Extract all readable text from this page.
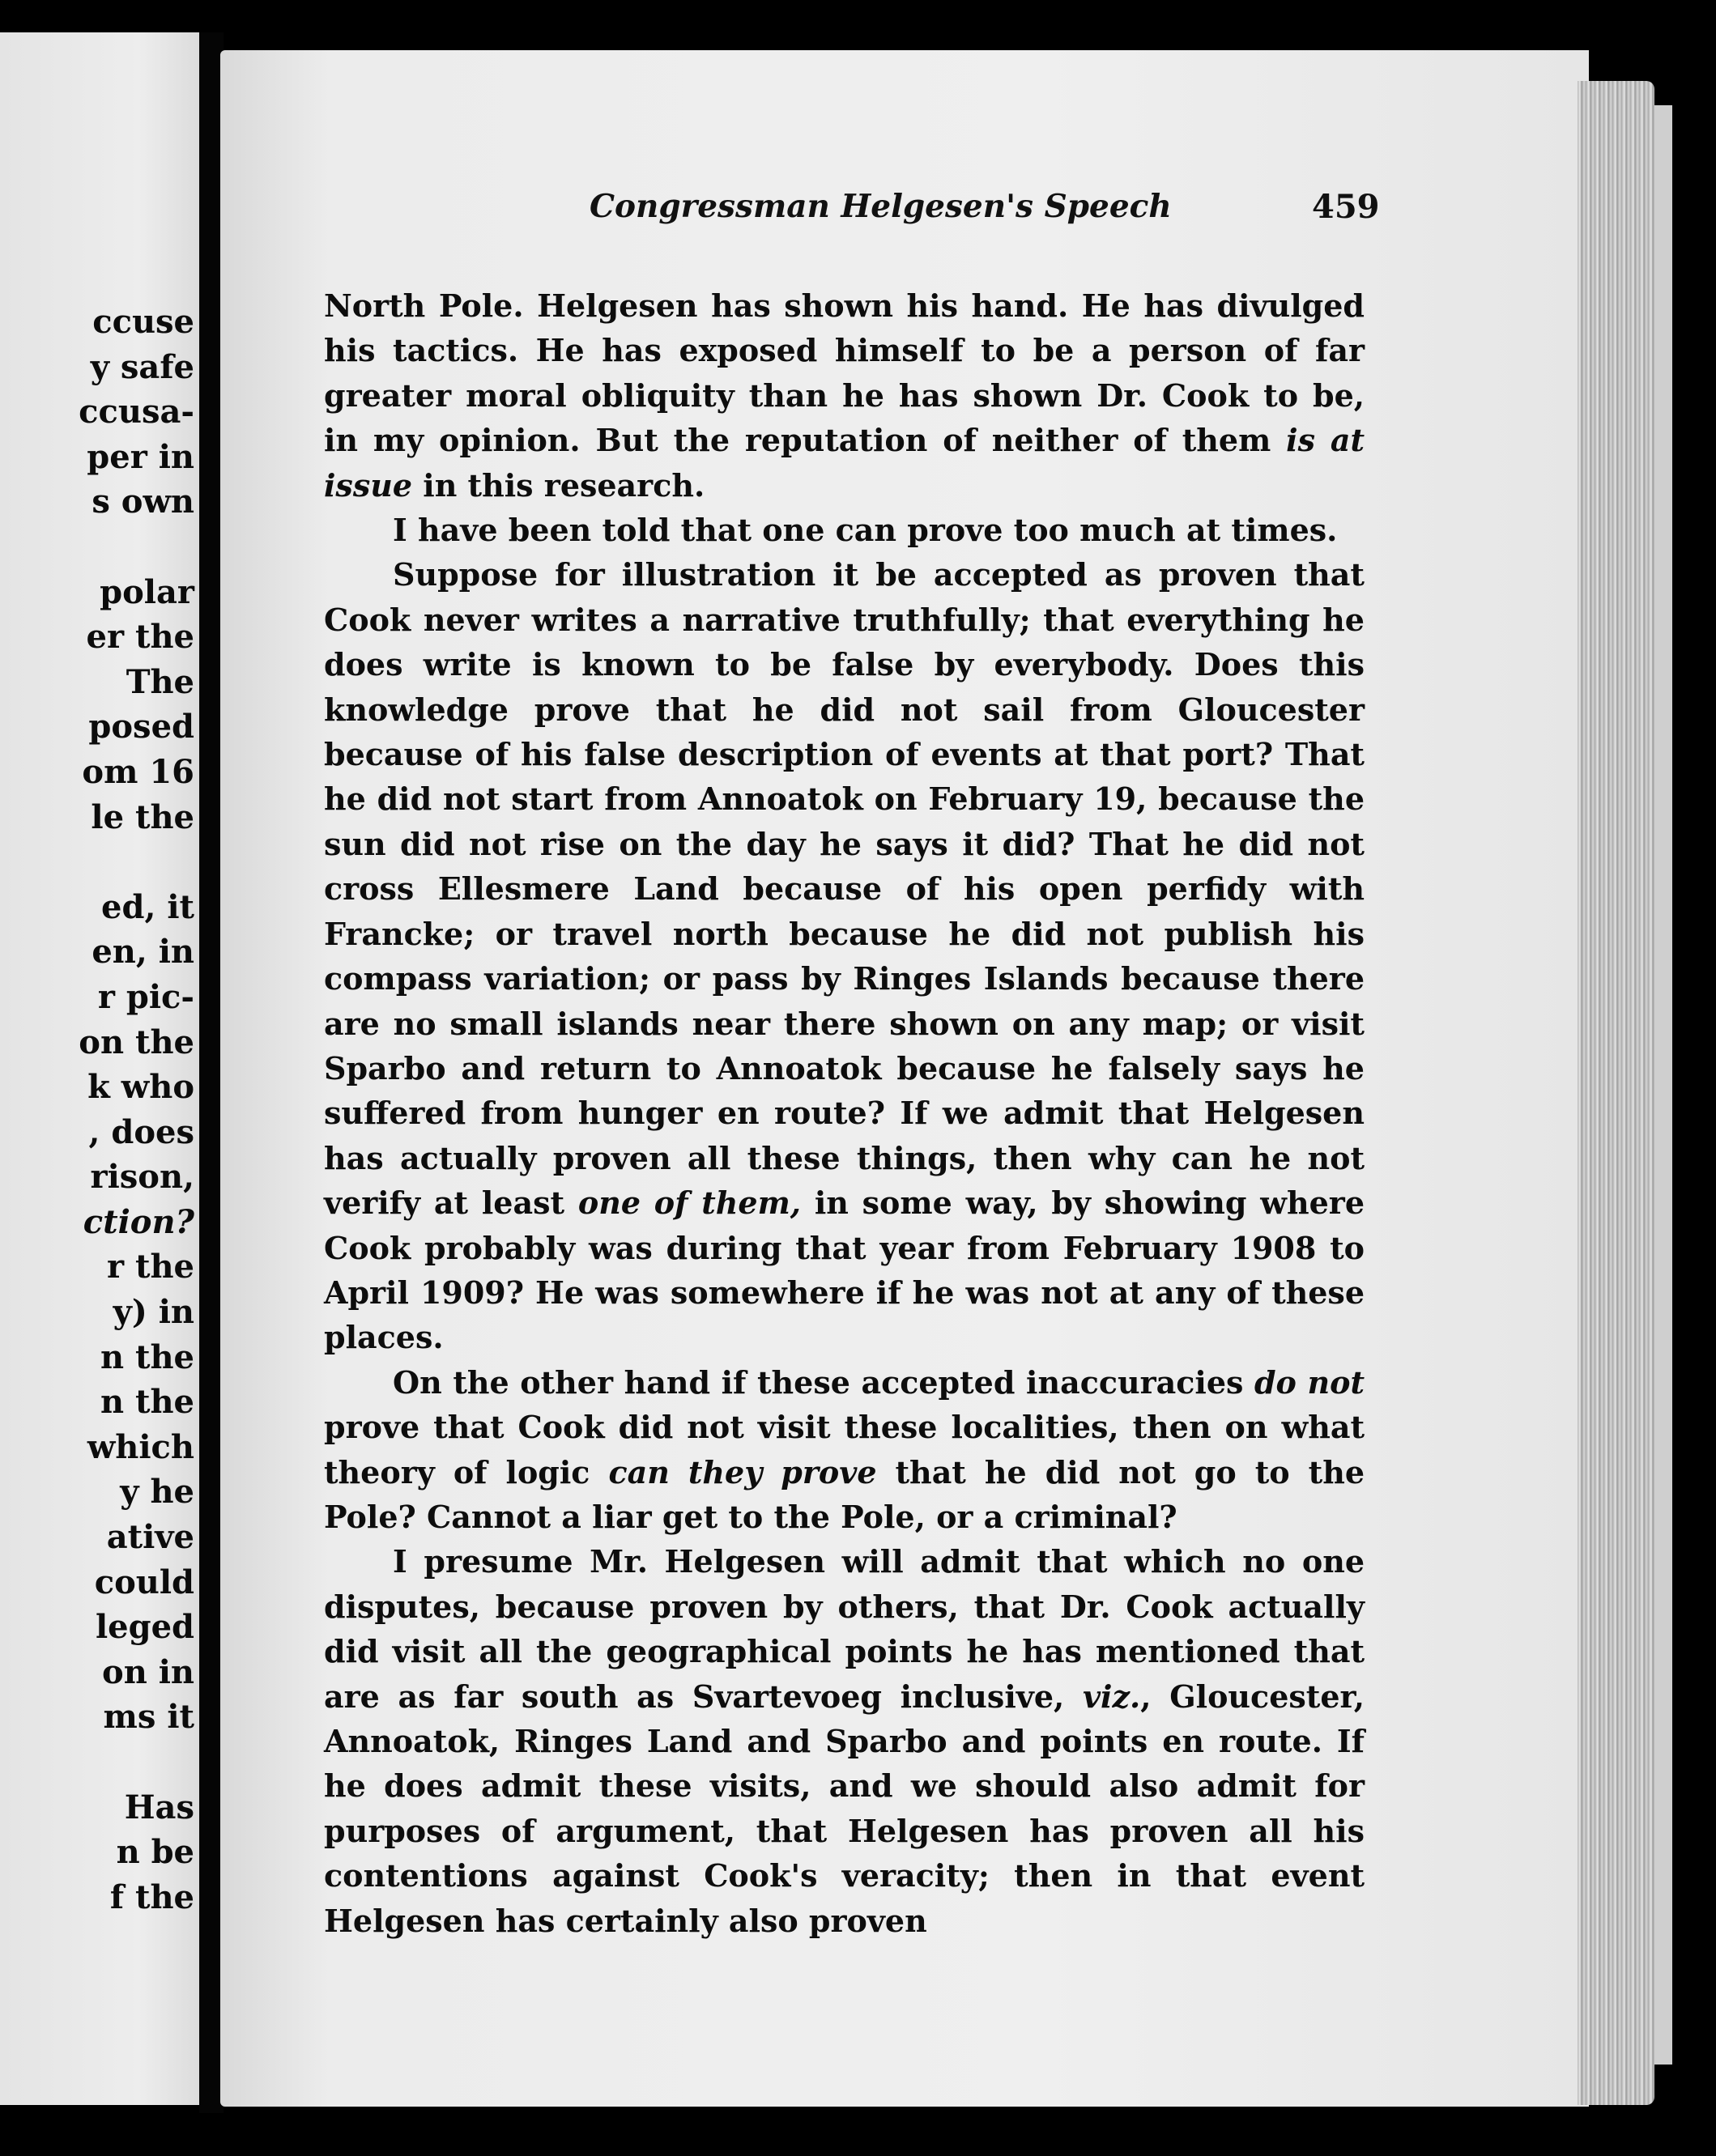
ccuse
y safe
ccusa-
per in
s own
polar
er the
The
posed
om 16
le the
ed, it
en, in
r pic-
on the
k who
, does
rison,
ction?
r the
y) in
n the
n the
which
y he
ative
could
leged
on in
ms it
Has
n be
f the
Congressman Helgesen's Speech	459

North Pole. Helgesen has shown his hand. He has divulged his tactics. He has exposed himself to be a person of far greater moral obliquity than he has shown Dr. Cook to be, in my opinion. But the reputation of neither of them is at issue in this research.

I have been told that one can prove too much at times.

Suppose for illustration it be accepted as proven that Cook never writes a narrative truthfully; that everything he does write is known to be false by everybody. Does this knowledge prove that he did not sail from Gloucester because of his false description of events at that port? That he did not start from Annoatok on February 19, because the sun did not rise on the day he says it did? That he did not cross Ellesmere Land because of his open perfidy with Francke; or travel north because he did not publish his compass variation; or pass by Ringes Islands because there are no small islands near there shown on any map; or visit Sparbo and return to Annoatok because he falsely says he suffered from hunger en route? If we admit that Helgesen has actually proven all these things, then why can he not verify at least one of them, in some way, by showing where Cook probably was during that year from February 1908 to April 1909? He was somewhere if he was not at any of these places.

On the other hand if these accepted inaccuracies do not prove that Cook did not visit these localities, then on what theory of logic can they prove that he did not go to the Pole? Cannot a liar get to the Pole, or a criminal?

I presume Mr. Helgesen will admit that which no one disputes, because proven by others, that Dr. Cook actually did visit all the geographical points he has mentioned that are as far south as Svartevoeg inclusive, viz., Gloucester, Annoatok, Ringes Land and Sparbo and points en route. If he does admit these visits, and we should also admit for purposes of argument, that Helgesen has proven all his contentions against Cook's veracity; then in that event Helgesen has certainly also proven
